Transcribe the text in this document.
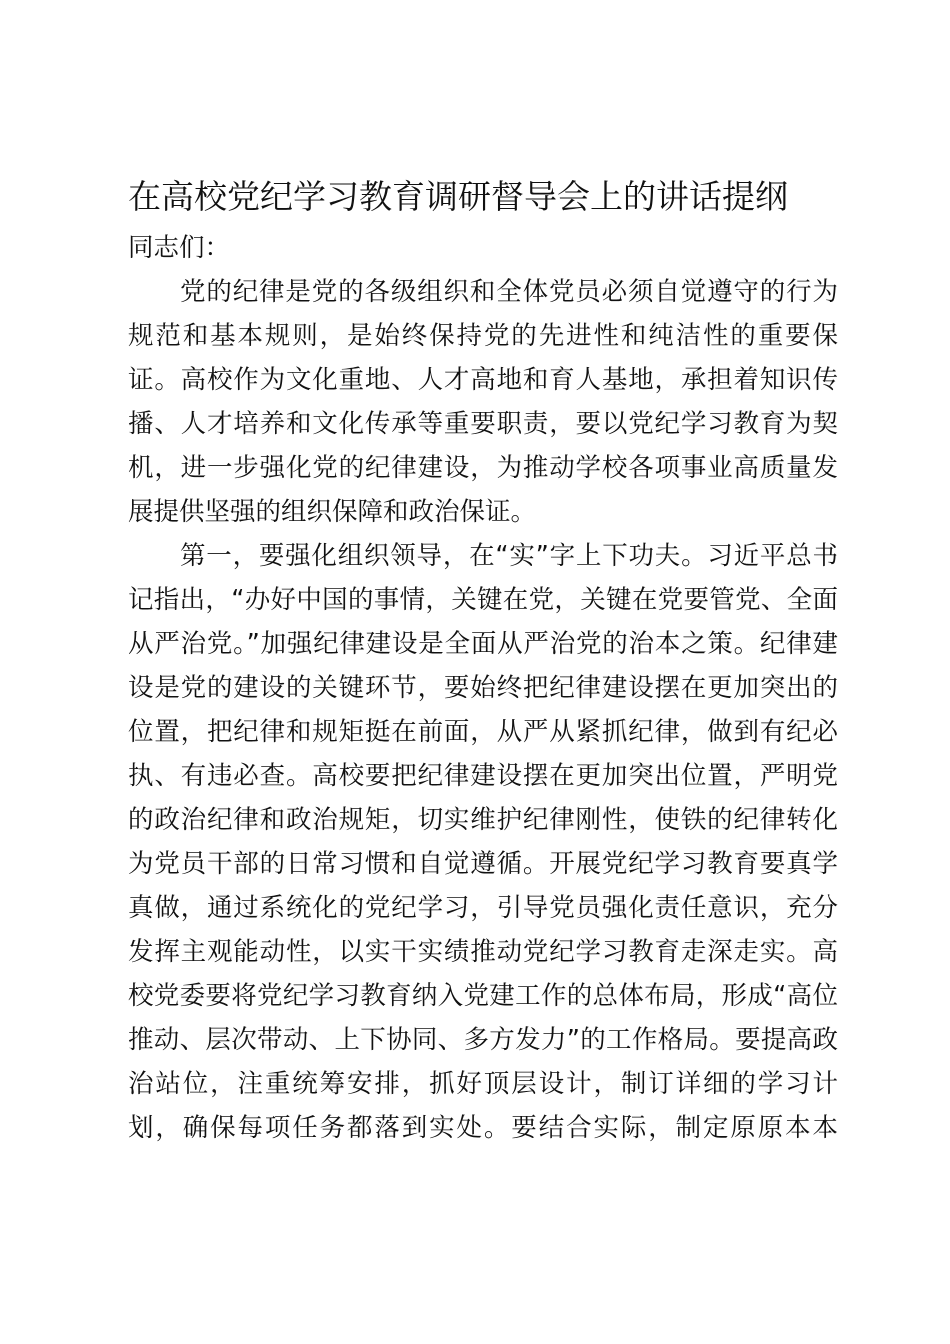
在高校党纪学习教育调研督导会上的讲话提纲

同志们：

党的纪律是党的各级组织和全体党员必须自觉遵守的行为

规范和基本规则，是始终保持党的先进性和纯洁性的重要保

证。高校作为文化重地、人才高地和育人基地，承担着知识传

播、人才培养和文化传承等重要职责，要以党纪学习教育为契

机，进一步强化党的纪律建设，为推动学校各项事业高质量发

展提供坚强的组织保障和政治保证。

第一，要强化组织领导，在“实”字上下功夫。习近平总书

记指出，“办好中国的事情，关键在党，关键在党要管党、全面

从严治党。”加强纪律建设是全面从严治党的治本之策。纪律建

设是党的建设的关键环节，要始终把纪律建设摆在更加突出的

位置，把纪律和规矩挺在前面，从严从紧抓纪律，做到有纪必

执、有违必查。高校要把纪律建设摆在更加突出位置，严明党

的政治纪律和政治规矩，切实维护纪律刚性，使铁的纪律转化

为党员干部的日常习惯和自觉遵循。开展党纪学习教育要真学

真做，通过系统化的党纪学习，引导党员强化责任意识，充分

发挥主观能动性，以实干实绩推动党纪学习教育走深走实。高

校党委要将党纪学习教育纳入党建工作的总体布局，形成“高位

推动、层次带动、上下协同、多方发力”的工作格局。要提高政

治站位，注重统筹安排，抓好顶层设计，制订详细的学习计

划，确保每项任务都落到实处。要结合实际，制定原原本本
